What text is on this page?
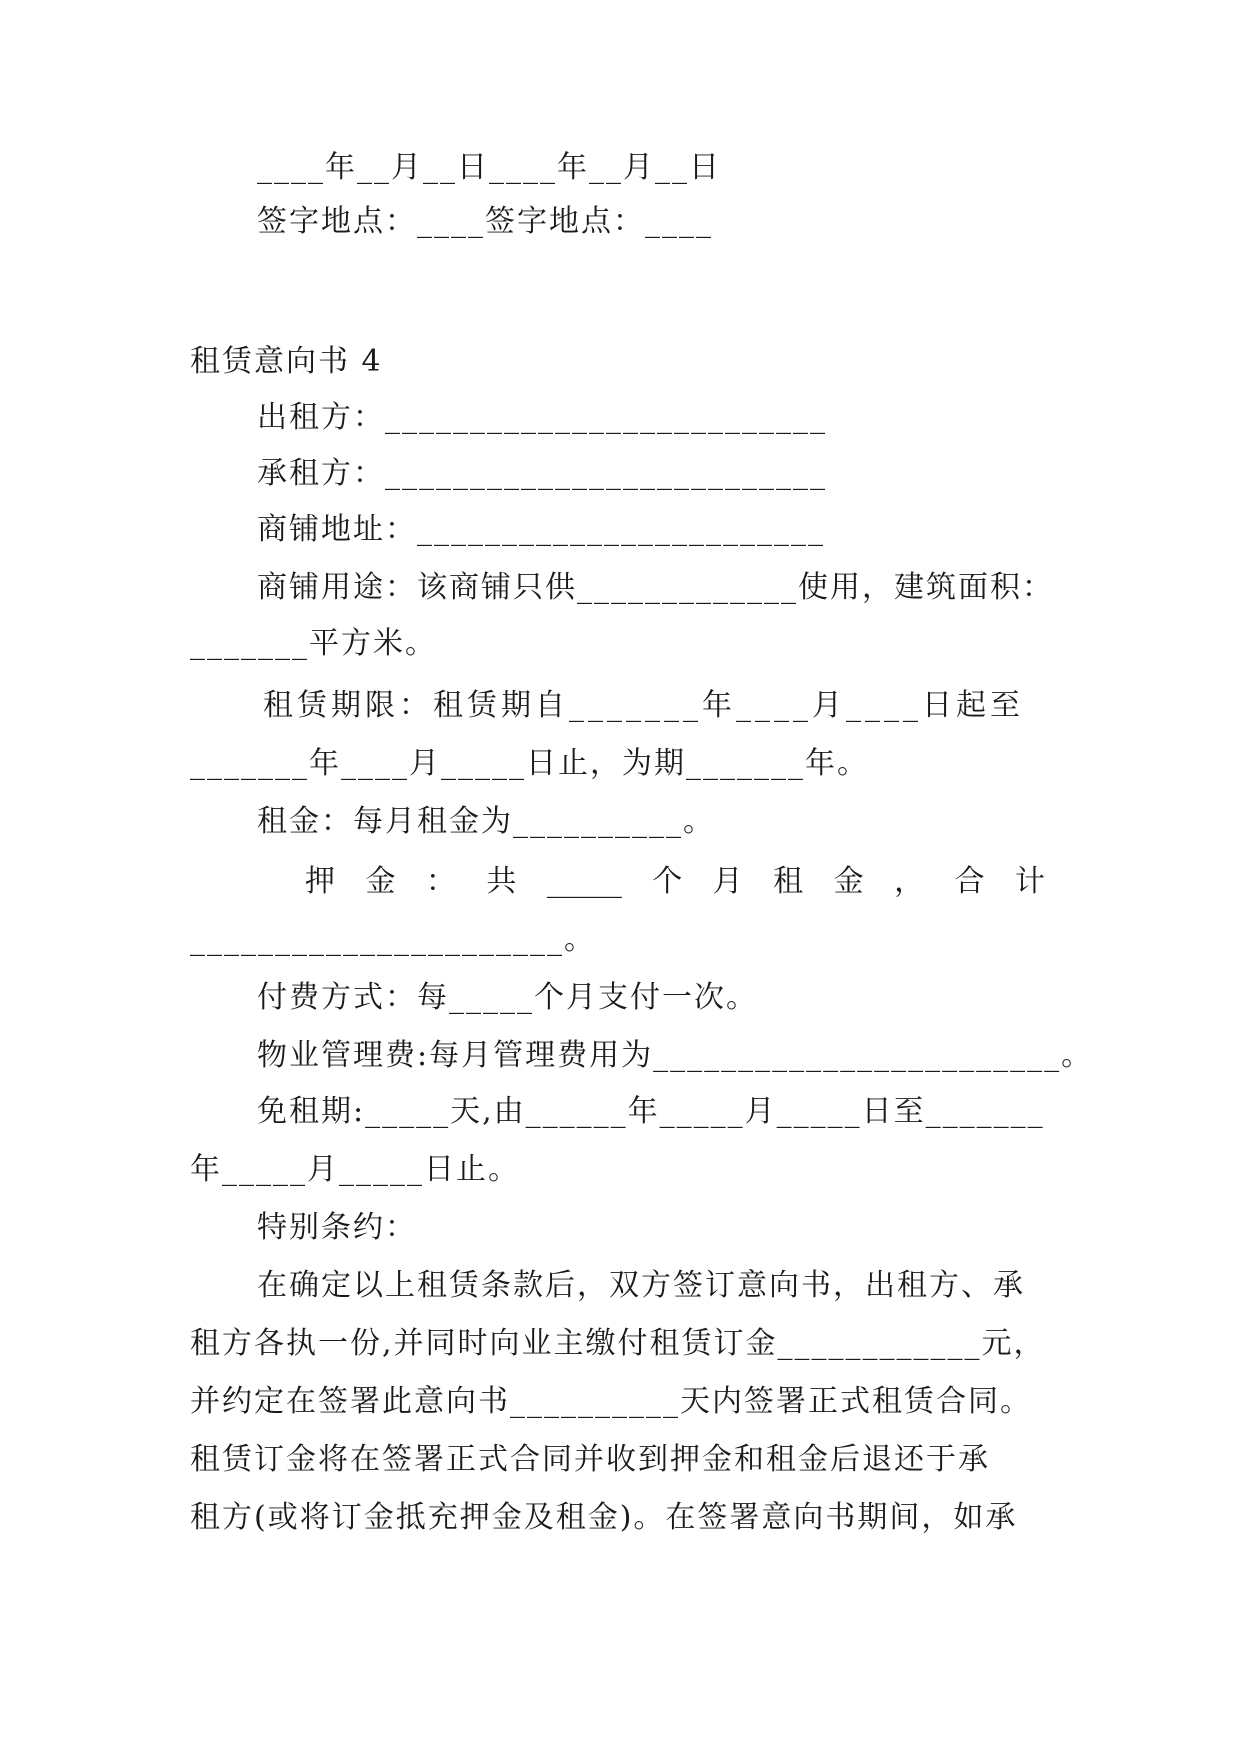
____年__月__日____年__月__日
签字地点：____签字地点：____
租赁意向书 4
出租方：__________________________
承租方：__________________________
商铺地址：________________________
商铺用途：该商铺只供_____________使用，建筑面积：
_______平方米。
租赁期限：租赁期自_______年____月____日起至
_______年____月_____日止，为期_______年。
租金：每月租金为__________。
押 金 ： 共 _____ 个 月 租 金 ， 合 计
______________________。
付费方式：每_____个月支付一次。
物业管理费:每月管理费用为________________________。
免租期:_____天,由______年_____月_____日至_______
年_____月_____日止。
特别条约：
在确定以上租赁条款后，双方签订意向书，出租方、承
租方各执一份,并同时向业主缴付租赁订金____________元，
并约定在签署此意向书__________天内签署正式租赁合同。
租赁订金将在签署正式合同并收到押金和租金后退还于承
租方(或将订金抵充押金及租金)。在签署意向书期间，如承
